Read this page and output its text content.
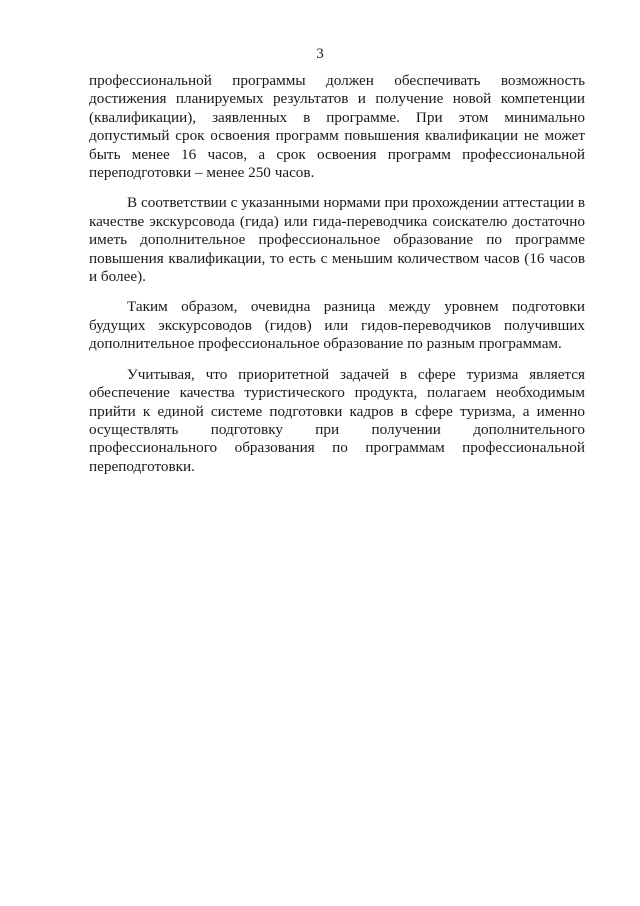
3

профессиональной программы должен обеспечивать возможность достижения планируемых результатов и получение новой компетенции (квалификации), заявленных в программе. При этом минимально допустимый срок освоения программ повышения квалификации не может быть менее 16 часов, а срок освоения программ профессиональной переподготовки – менее 250 часов.

В соответствии с указанными нормами при прохождении аттестации в качестве экскурсовода (гида) или гида-переводчика соискателю достаточно иметь дополнительное профессиональное образование по программе повышения квалификации, то есть с меньшим количеством часов (16 часов и более).

Таким образом, очевидна разница между уровнем подготовки будущих экскурсоводов (гидов) или гидов-переводчиков получивших дополнительное профессиональное образование по разным программам.

Учитывая, что приоритетной задачей в сфере туризма является обеспечение качества туристического продукта, полагаем необходимым прийти к единой системе подготовки кадров в сфере туризма, а именно осуществлять подготовку при получении дополнительного профессионального образования по программам профессиональной переподготовки.
